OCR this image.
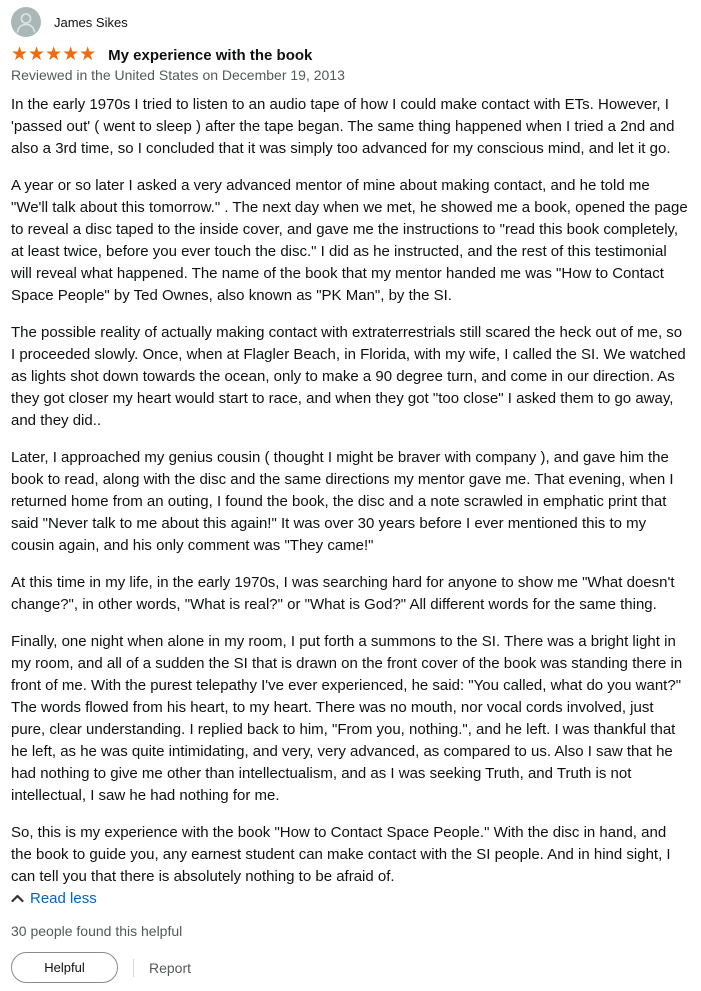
James Sikes
★★★★★ My experience with the book
Reviewed in the United States on December 19, 2013

In the early 1970s I tried to listen to an audio tape of how I could make contact with ETs. However, I 'passed out' ( went to sleep ) after the tape began. The same thing happened when I tried a 2nd and also a 3rd time, so I concluded that it was simply too advanced for my conscious mind, and let it go.

A year or so later I asked a very advanced mentor of mine about making contact, and he told me "We'll talk about this tomorrow." . The next day when we met, he showed me a book, opened the page to reveal a disc taped to the inside cover, and gave me the instructions to "read this book completely, at least twice, before you ever touch the disc." I did as he instructed, and the rest of this testimonial will reveal what happened. The name of the book that my mentor handed me was "How to Contact Space People" by Ted Ownes, also known as "PK Man", by the SI.

The possible reality of actually making contact with extraterrestrials still scared the heck out of me, so I proceeded slowly. Once, when at Flagler Beach, in Florida, with my wife, I called the SI. We watched as lights shot down towards the ocean, only to make a 90 degree turn, and come in our direction. As they got closer my heart would start to race, and when they got "too close" I asked them to go away, and they did..

Later, I approached my genius cousin ( thought I might be braver with company ), and gave him the book to read, along with the disc and the same directions my mentor gave me. That evening, when I returned home from an outing, I found the book, the disc and a note scrawled in emphatic print that said "Never talk to me about this again!" It was over 30 years before I ever mentioned this to my cousin again, and his only comment was "They came!"

At this time in my life, in the early 1970s, I was searching hard for anyone to show me "What doesn't change?", in other words, "What is real?" or "What is God?" All different words for the same thing.

Finally, one night when alone in my room, I put forth a summons to the SI. There was a bright light in my room, and all of a sudden the SI that is drawn on the front cover of the book was standing there in front of me. With the purest telepathy I've ever experienced, he said: "You called, what do you want?" The words flowed from his heart, to my heart. There was no mouth, nor vocal cords involved, just pure, clear understanding. I replied back to him, "From you, nothing.", and he left. I was thankful that he left, as he was quite intimidating, and very, very advanced, as compared to us. Also I saw that he had nothing to give me other than intellectualism, and as I was seeking Truth, and Truth is not intellectual, I saw he had nothing for me.

So, this is my experience with the book "How to Contact Space People." With the disc in hand, and the book to guide you, any earnest student can make contact with the SI people. And in hind sight, I can tell you that there is absolutely nothing to be afraid of.

Read less
30 people found this helpful
Helpful	Report
